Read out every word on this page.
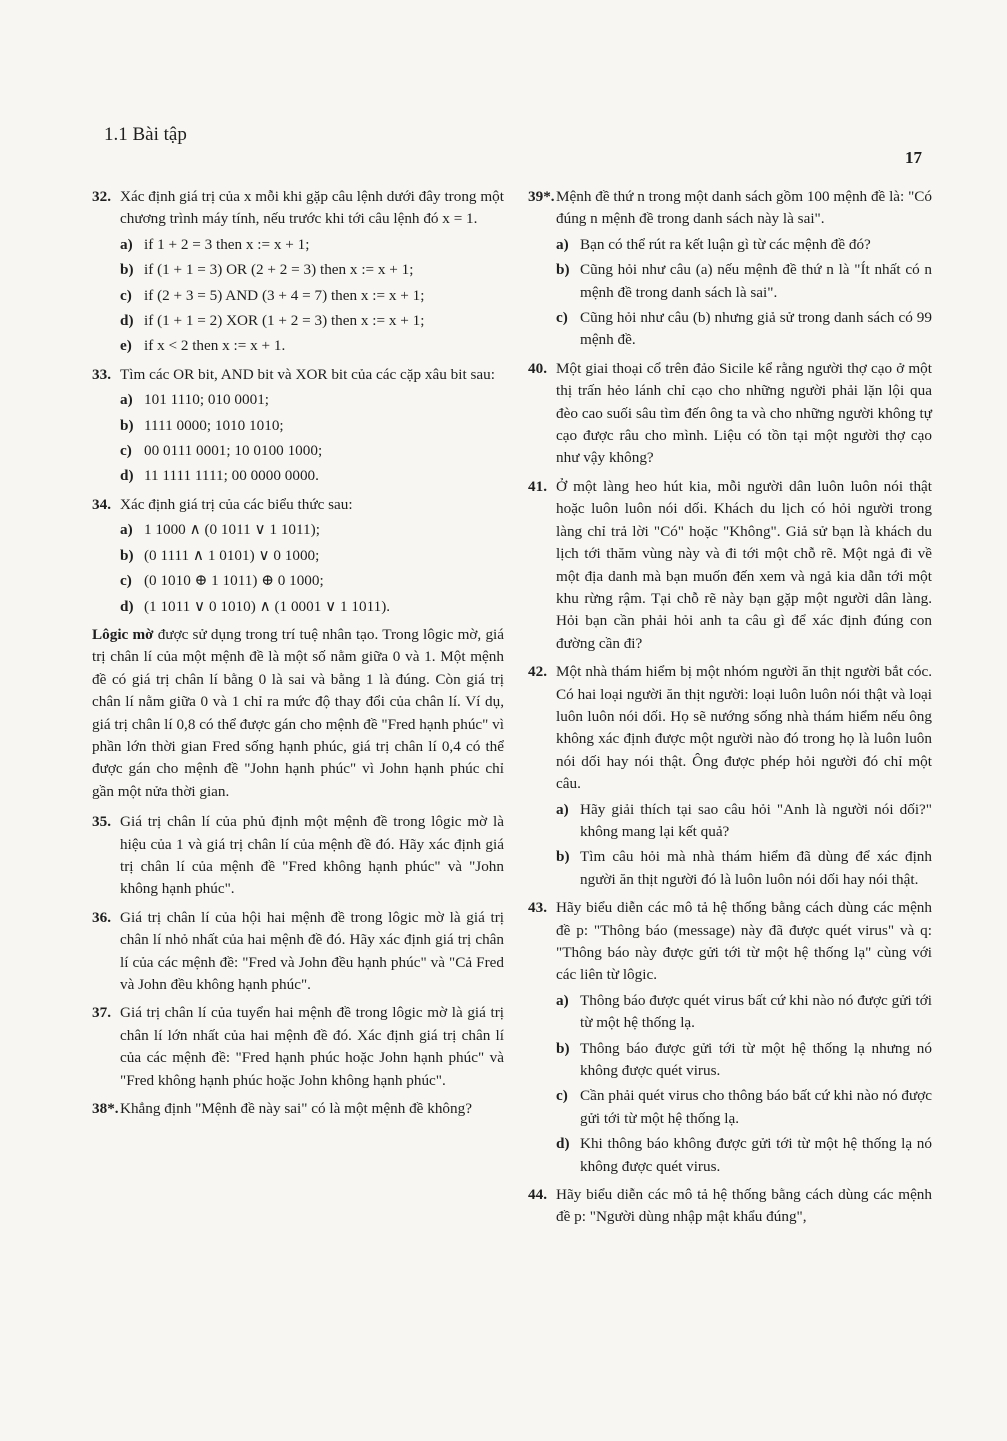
1.1 Bài tập
17
32. Xác định giá trị của x mỗi khi gặp câu lệnh dưới đây trong một chương trình máy tính, nếu trước khi tới câu lệnh đó x = 1.
a) if 1 + 2 = 3 then x := x + 1;
b) if (1 + 1 = 3) OR (2 + 2 = 3) then x := x + 1;
c) if (2 + 3 = 5) AND (3 + 4 = 7) then x := x + 1;
d) if (1 + 1 = 2) XOR (1 + 2 = 3) then x := x + 1;
e) if x < 2 then x := x + 1.
33. Tìm các OR bit, AND bit và XOR bit của các cặp xâu bit sau:
a) 101 1110; 010 0001;
b) 1111 0000; 1010 1010;
c) 00 0111 0001; 10 0100 1000;
d) 11 1111 1111; 00 0000 0000.
34. Xác định giá trị của các biểu thức sau:
a) 1 1000 ∧ (0 1011 ∨ 1 1011);
b) (0 1111 ∧ 1 0101) ∨ 0 1000;
c) (0 1010 ⊕ 1 1011) ⊕ 0 1000;
d) (1 1011 ∨ 0 1010) ∧ (1 0001 ∨ 1 1011).
Lôgic mờ được sử dụng trong trí tuệ nhân tạo. Trong lôgic mờ, giá trị chân lí của một mệnh đề là một số nằm giữa 0 và 1. Một mệnh đề có giá trị chân lí bằng 0 là sai và bằng 1 là đúng. Còn giá trị chân lí nằm giữa 0 và 1 chỉ ra mức độ thay đổi của chân lí. Ví dụ, giá trị chân lí 0,8 có thể được gán cho mệnh đề "Fred hạnh phúc" vì phần lớn thời gian Fred sống hạnh phúc, giá trị chân lí 0,4 có thể được gán cho mệnh đề "John hạnh phúc" vì John hạnh phúc chỉ gần một nửa thời gian.
35. Giá trị chân lí của phủ định một mệnh đề trong lôgic mờ là hiệu của 1 và giá trị chân lí của mệnh đề đó. Hãy xác định giá trị chân lí của mệnh đề "Fred không hạnh phúc" và "John không hạnh phúc".
36. Giá trị chân lí của hội hai mệnh đề trong lôgic mờ là giá trị chân lí nhỏ nhất của hai mệnh đề đó. Hãy xác định giá trị chân lí của các mệnh đề: "Fred và John đều hạnh phúc" và "Cả Fred và John đều không hạnh phúc".
37. Giá trị chân lí của tuyển hai mệnh đề trong lôgic mờ là giá trị chân lí lớn nhất của hai mệnh đề đó. Xác định giá trị chân lí của các mệnh đề: "Fred hạnh phúc hoặc John hạnh phúc" và "Fred không hạnh phúc hoặc John không hạnh phúc".
38*. Khẳng định "Mệnh đề này sai" có là một mệnh đề không?
39*. Mệnh đề thứ n trong một danh sách gồm 100 mệnh đề là: "Có đúng n mệnh đề trong danh sách này là sai".
a) Bạn có thể rút ra kết luận gì từ các mệnh đề đó?
b) Cũng hỏi như câu (a) nếu mệnh đề thứ n là "Ít nhất có n mệnh đề trong danh sách là sai".
c) Cũng hỏi như câu (b) nhưng giả sử trong danh sách có 99 mệnh đề.
40. Một giai thoại cổ trên đảo Sicile kể rằng người thợ cạo ở một thị trấn hẻo lánh chỉ cạo cho những người phải lặn lội qua đèo cao suối sâu tìm đến ông ta và cho những người không tự cạo được râu cho mình. Liệu có tồn tại một người thợ cạo như vậy không?
41. Ở một làng heo hút kia, mỗi người dân luôn luôn nói thật hoặc luôn luôn nói dối. Khách du lịch có hỏi người trong làng chỉ trả lời "Có" hoặc "Không". Giả sử bạn là khách du lịch tới thăm vùng này và đi tới một chỗ rẽ. Một ngả đi về một địa danh mà bạn muốn đến xem và ngả kia dẫn tới một khu rừng rậm. Tại chỗ rẽ này bạn gặp một người dân làng. Hỏi bạn cần phải hỏi anh ta câu gì để xác định đúng con đường cần đi?
42. Một nhà thám hiểm bị một nhóm người ăn thịt người bắt cóc. Có hai loại người ăn thịt người: loại luôn luôn nói thật và loại luôn luôn nói dối. Họ sẽ nướng sống nhà thám hiểm nếu ông không xác định được một người nào đó trong họ là luôn luôn nói dối hay nói thật. Ông được phép hỏi người đó chỉ một câu.
a) Hãy giải thích tại sao câu hỏi "Anh là người nói dối?" không mang lại kết quả?
b) Tìm câu hỏi mà nhà thám hiểm đã dùng để xác định người ăn thịt người đó là luôn luôn nói dối hay nói thật.
43. Hãy biểu diễn các mô tả hệ thống bằng cách dùng các mệnh đề p: "Thông báo (message) này đã được quét virus" và q: "Thông báo này được gửi tới từ một hệ thống lạ" cùng với các liên từ lôgic.
a) Thông báo được quét virus bất cứ khi nào nó được gửi tới từ một hệ thống lạ.
b) Thông báo được gửi tới từ một hệ thống lạ nhưng nó không được quét virus.
c) Cần phải quét virus cho thông báo bất cứ khi nào nó được gửi tới từ một hệ thống lạ.
d) Khi thông báo không được gửi tới từ một hệ thống lạ nó không được quét virus.
44. Hãy biểu diễn các mô tả hệ thống bằng cách dùng các mệnh đề p: "Người dùng nhập mật khẩu đúng",
